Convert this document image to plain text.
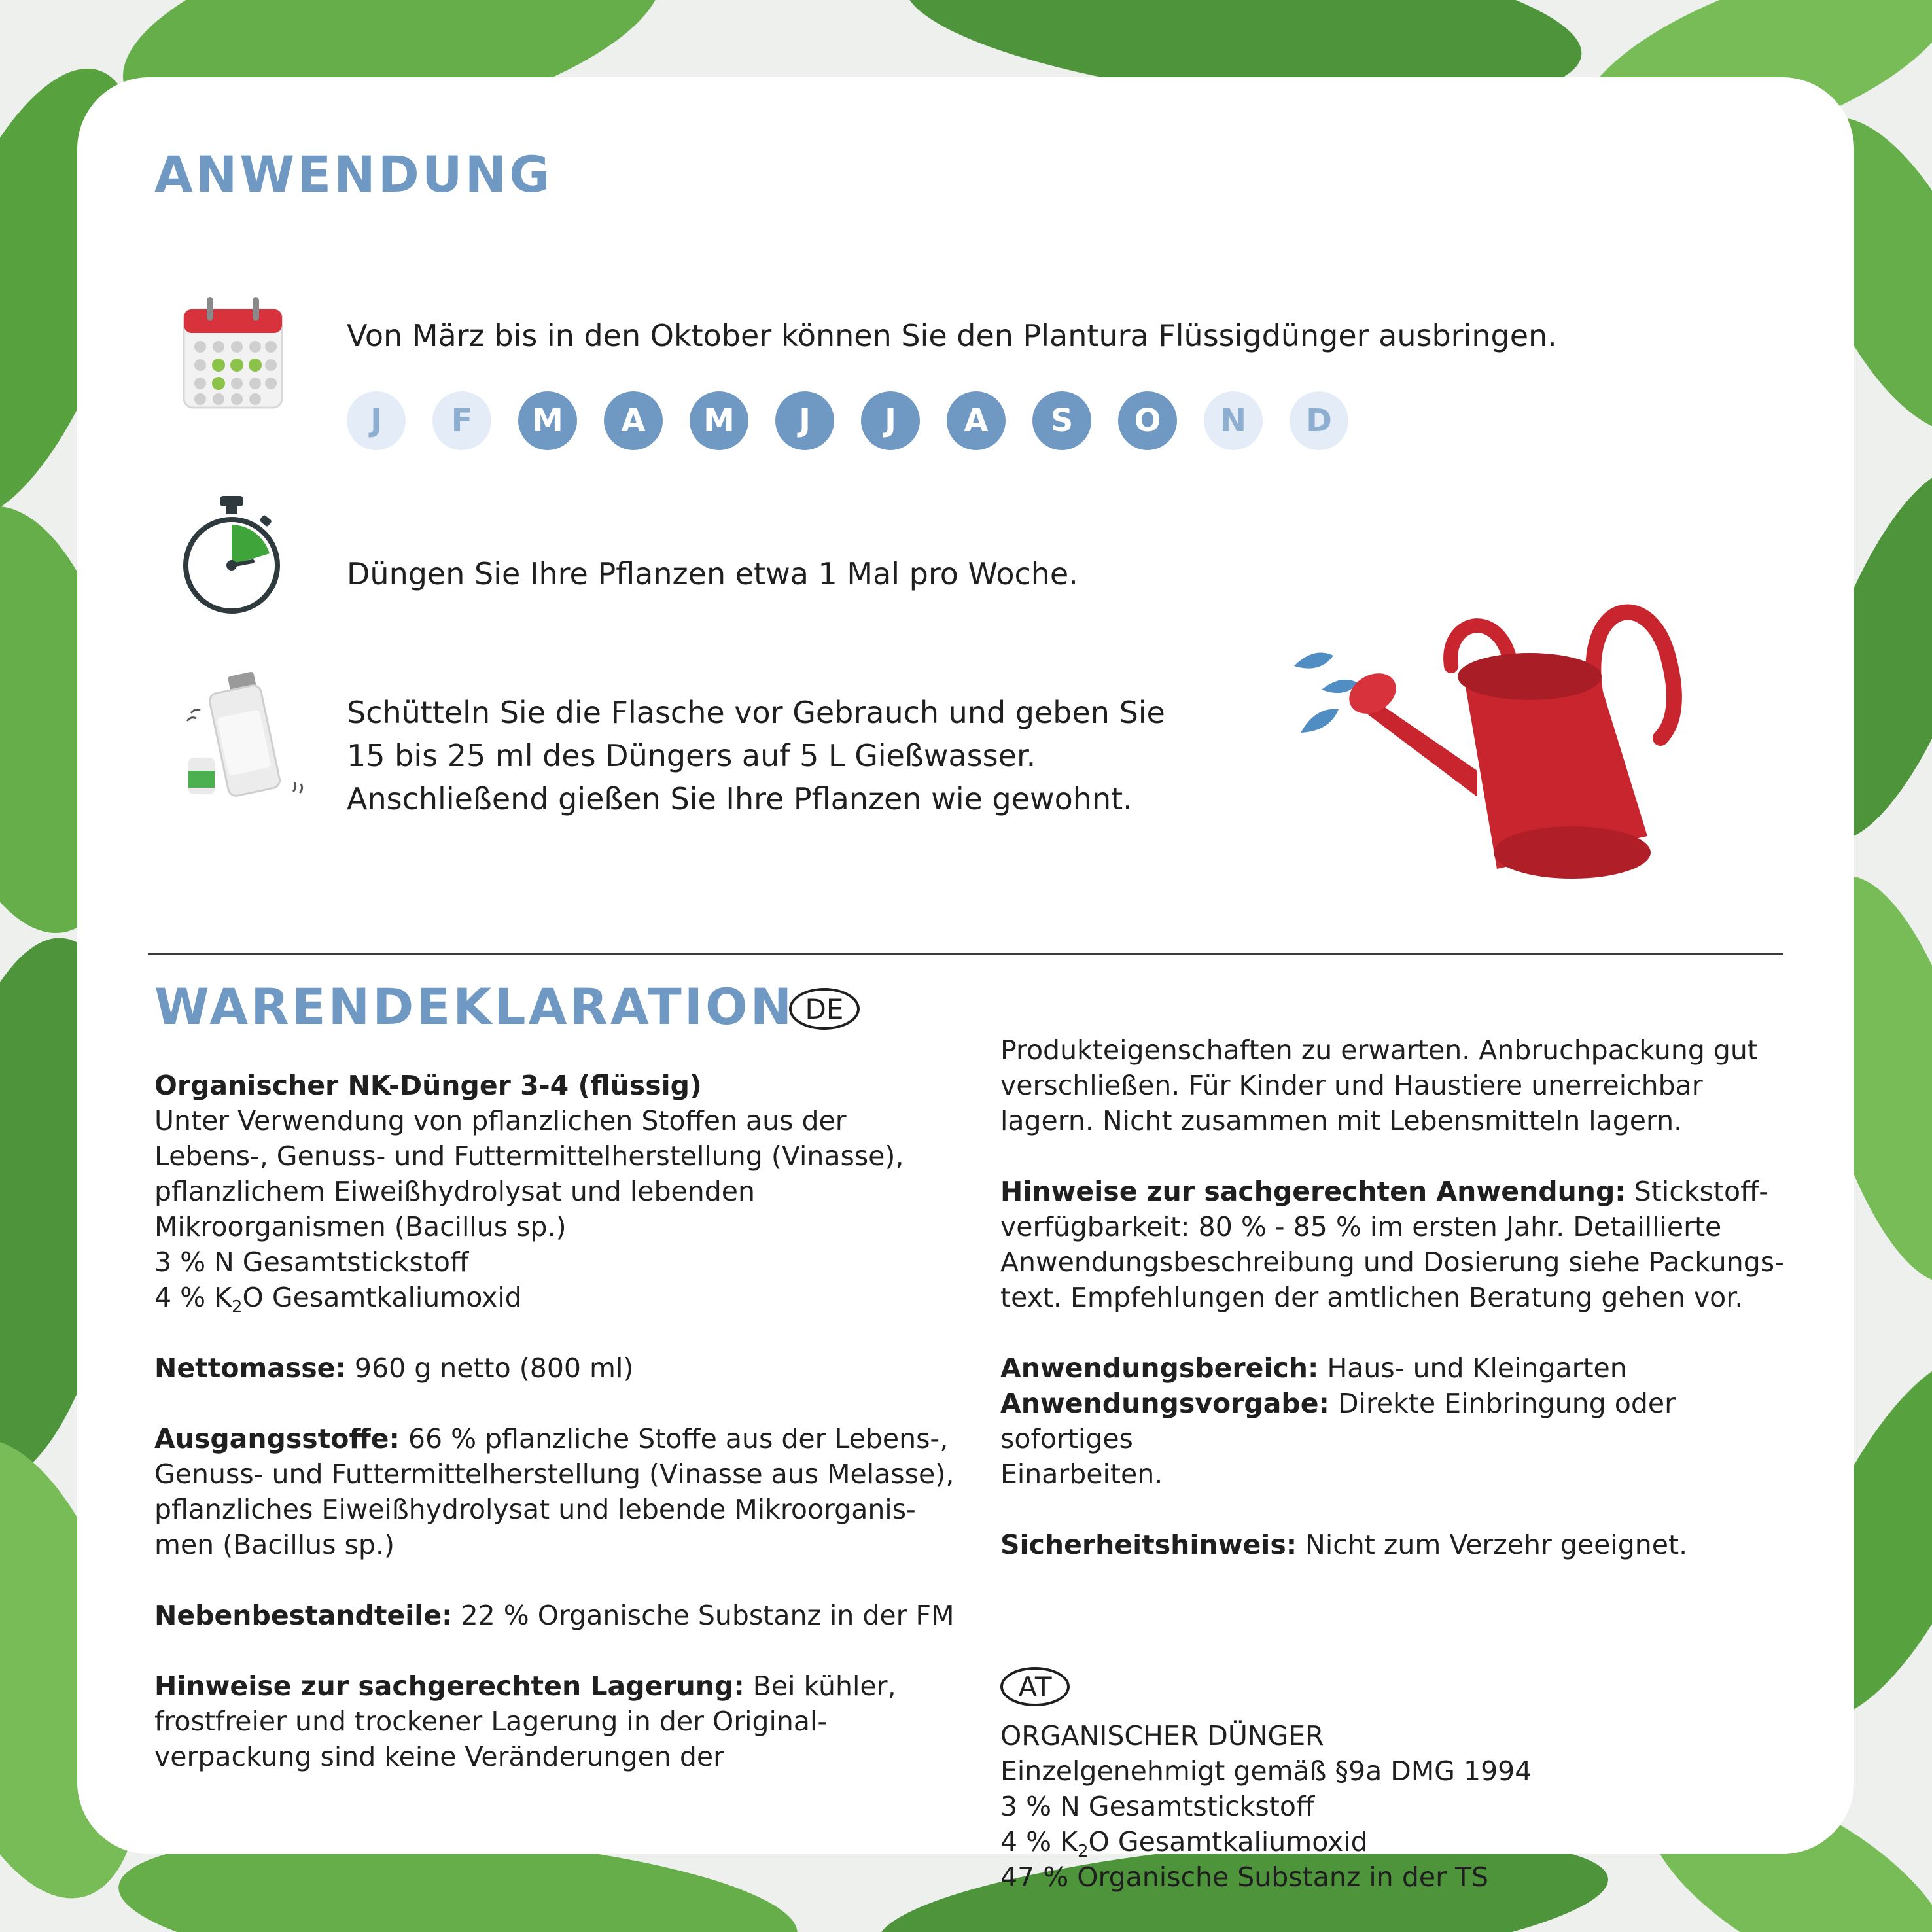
ANWENDUNG
Von März bis in den Oktober können Sie den Plantura Flüssigdünger ausbringen.
J	F	M	A	M	J	J	A	S	O	N	D
Düngen Sie Ihre Pflanzen etwa 1 Mal pro Woche.
Schütteln Sie die Flasche vor Gebrauch und geben Sie
15 bis 25 ml des Düngers auf 5 L Gießwasser.
Anschließend gießen Sie Ihre Pflanzen wie gewohnt.
WARENDEKLARATION DE

Organischer NK-Dünger 3-4 (flüssig)

Unter Verwendung von pflanzlichen Stoffen aus der

Lebens-, Genuss- und Futtermittelherstellung (Vinasse),

pflanzlichem Eiweißhydrolysat und lebenden

Mikroorganismen (Bacillus sp.)

3 % N Gesamtstickstoff

4 % $K_2O$ Gesamtkaliumoxid

Nettomasse: 960 g netto (800 ml)

Ausgangsstoffe: 66 % pflanzliche Stoffe aus der Lebens-,

Genuss- und Futtermittelherstellung (Vinasse aus Melasse),

pflanzliches Eiweißhydrolysat und lebende Mikroorganis-

men (Bacillus sp.)

Nebenbestandteile: 22 % Organische Substanz in der FM

Hinweise zur sachgerechten Lagerung: Bei kühler,

frostfreier und trockener Lagerung in der Original-

verpackung sind keine Veränderungen der

Produkteigenschaften zu erwarten. Anbruchpackung gut

verschließen. Für Kinder und Haustiere unerreichbar

lagern. Nicht zusammen mit Lebensmitteln lagern.

Hinweise zur sachgerechten Anwendung: Stickstoff-

verfügbarkeit: 80 % - 85 % im ersten Jahr. Detaillierte

Anwendungsbeschreibung und Dosierung siehe Packungs-

text. Empfehlungen der amtlichen Beratung gehen vor.

Anwendungsbereich: Haus- und Kleingarten

Anwendungsvorgabe: Direkte Einbringung oder sofortiges

Einarbeiten.

Sicherheitshinweis: Nicht zum Verzehr geeignet.

AT

ORGANISCHER DÜNGER

Einzelgenehmigt gemäß §9a DMG 1994

3 % N Gesamtstickstoff

4 % $K_2O$ Gesamtkaliumoxid

47 % Organische Substanz in der TS
